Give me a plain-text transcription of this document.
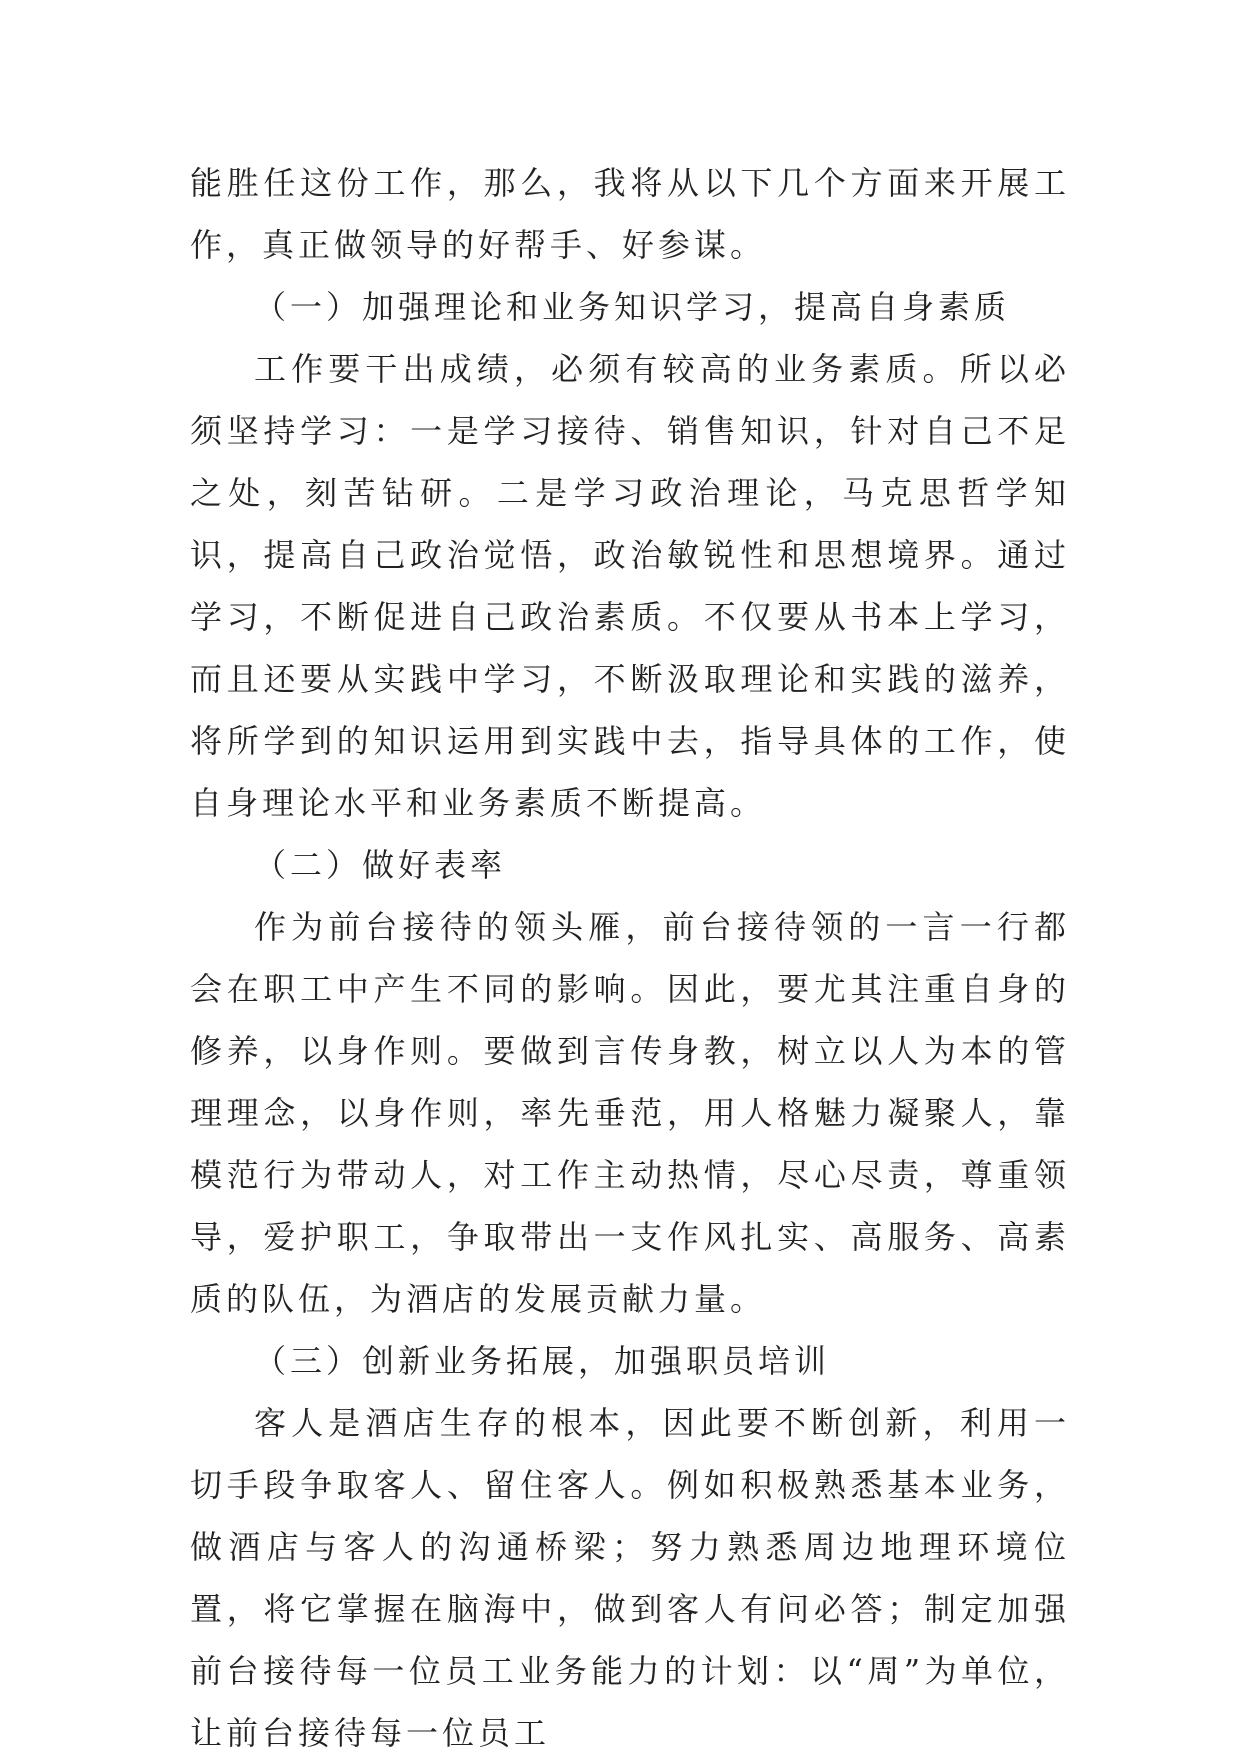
能胜任这份工作，那么，我将从以下几个方面来开展工作，真正做领导的好帮手、好参谋。

（一）加强理论和业务知识学习，提高自身素质

工作要干出成绩，必须有较高的业务素质。所以必须坚持学习：一是学习接待、销售知识，针对自己不足之处，刻苦钻研。二是学习政治理论，马克思哲学知识，提高自己政治觉悟，政治敏锐性和思想境界。通过学习，不断促进自己政治素质。不仅要从书本上学习，而且还要从实践中学习，不断汲取理论和实践的滋养，将所学到的知识运用到实践中去，指导具体的工作，使自身理论水平和业务素质不断提高。

（二）做好表率

作为前台接待的领头雁，前台接待领的一言一行都会在职工中产生不同的影响。因此，要尤其注重自身的修养，以身作则。要做到言传身教，树立以人为本的管理理念，以身作则，率先垂范，用人格魅力凝聚人，靠模范行为带动人，对工作主动热情，尽心尽责，尊重领导，爱护职工，争取带出一支作风扎实、高服务、高素质的队伍，为酒店的发展贡献力量。

（三）创新业务拓展，加强职员培训

客人是酒店生存的根本，因此要不断创新，利用一切手段争取客人、留住客人。例如积极熟悉基本业务，做酒店与客人的沟通桥梁；努力熟悉周边地理环境位置，将它掌握在脑海中，做到客人有问必答；制定加强前台接待每一位员工业务能力的计划：以“周”为单位，让前台接待每一位员工
